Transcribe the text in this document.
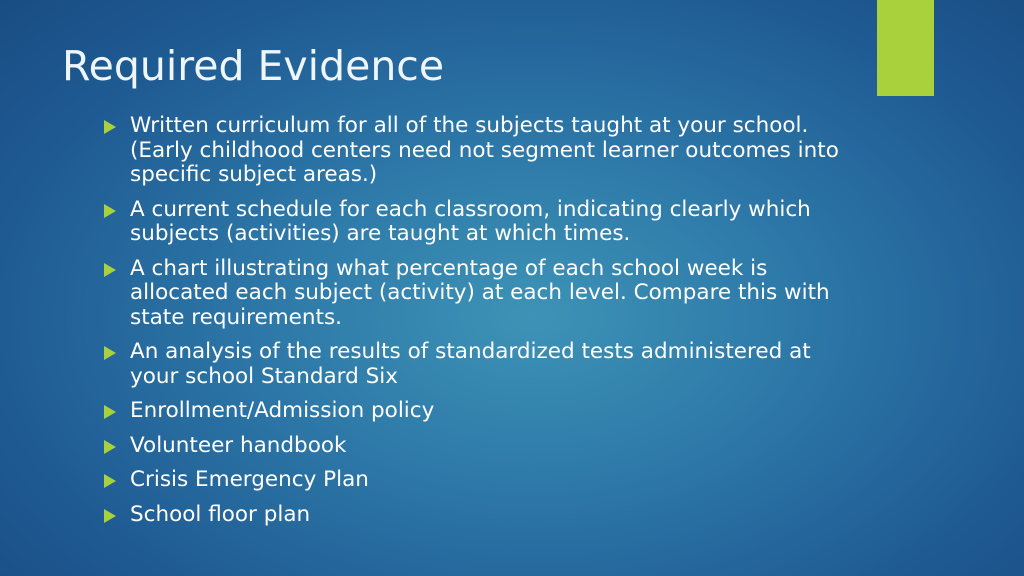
Required Evidence
Written curriculum for all of the subjects taught at your school. (Early childhood centers need not segment learner outcomes into specific subject areas.)
A current schedule for each classroom, indicating clearly which subjects (activities) are taught at which times.
A chart illustrating what percentage of each school week is allocated each subject (activity) at each level. Compare this with state requirements.
An analysis of the results of standardized tests administered at your school Standard Six
Enrollment/Admission policy
Volunteer handbook
Crisis Emergency Plan
School floor plan
